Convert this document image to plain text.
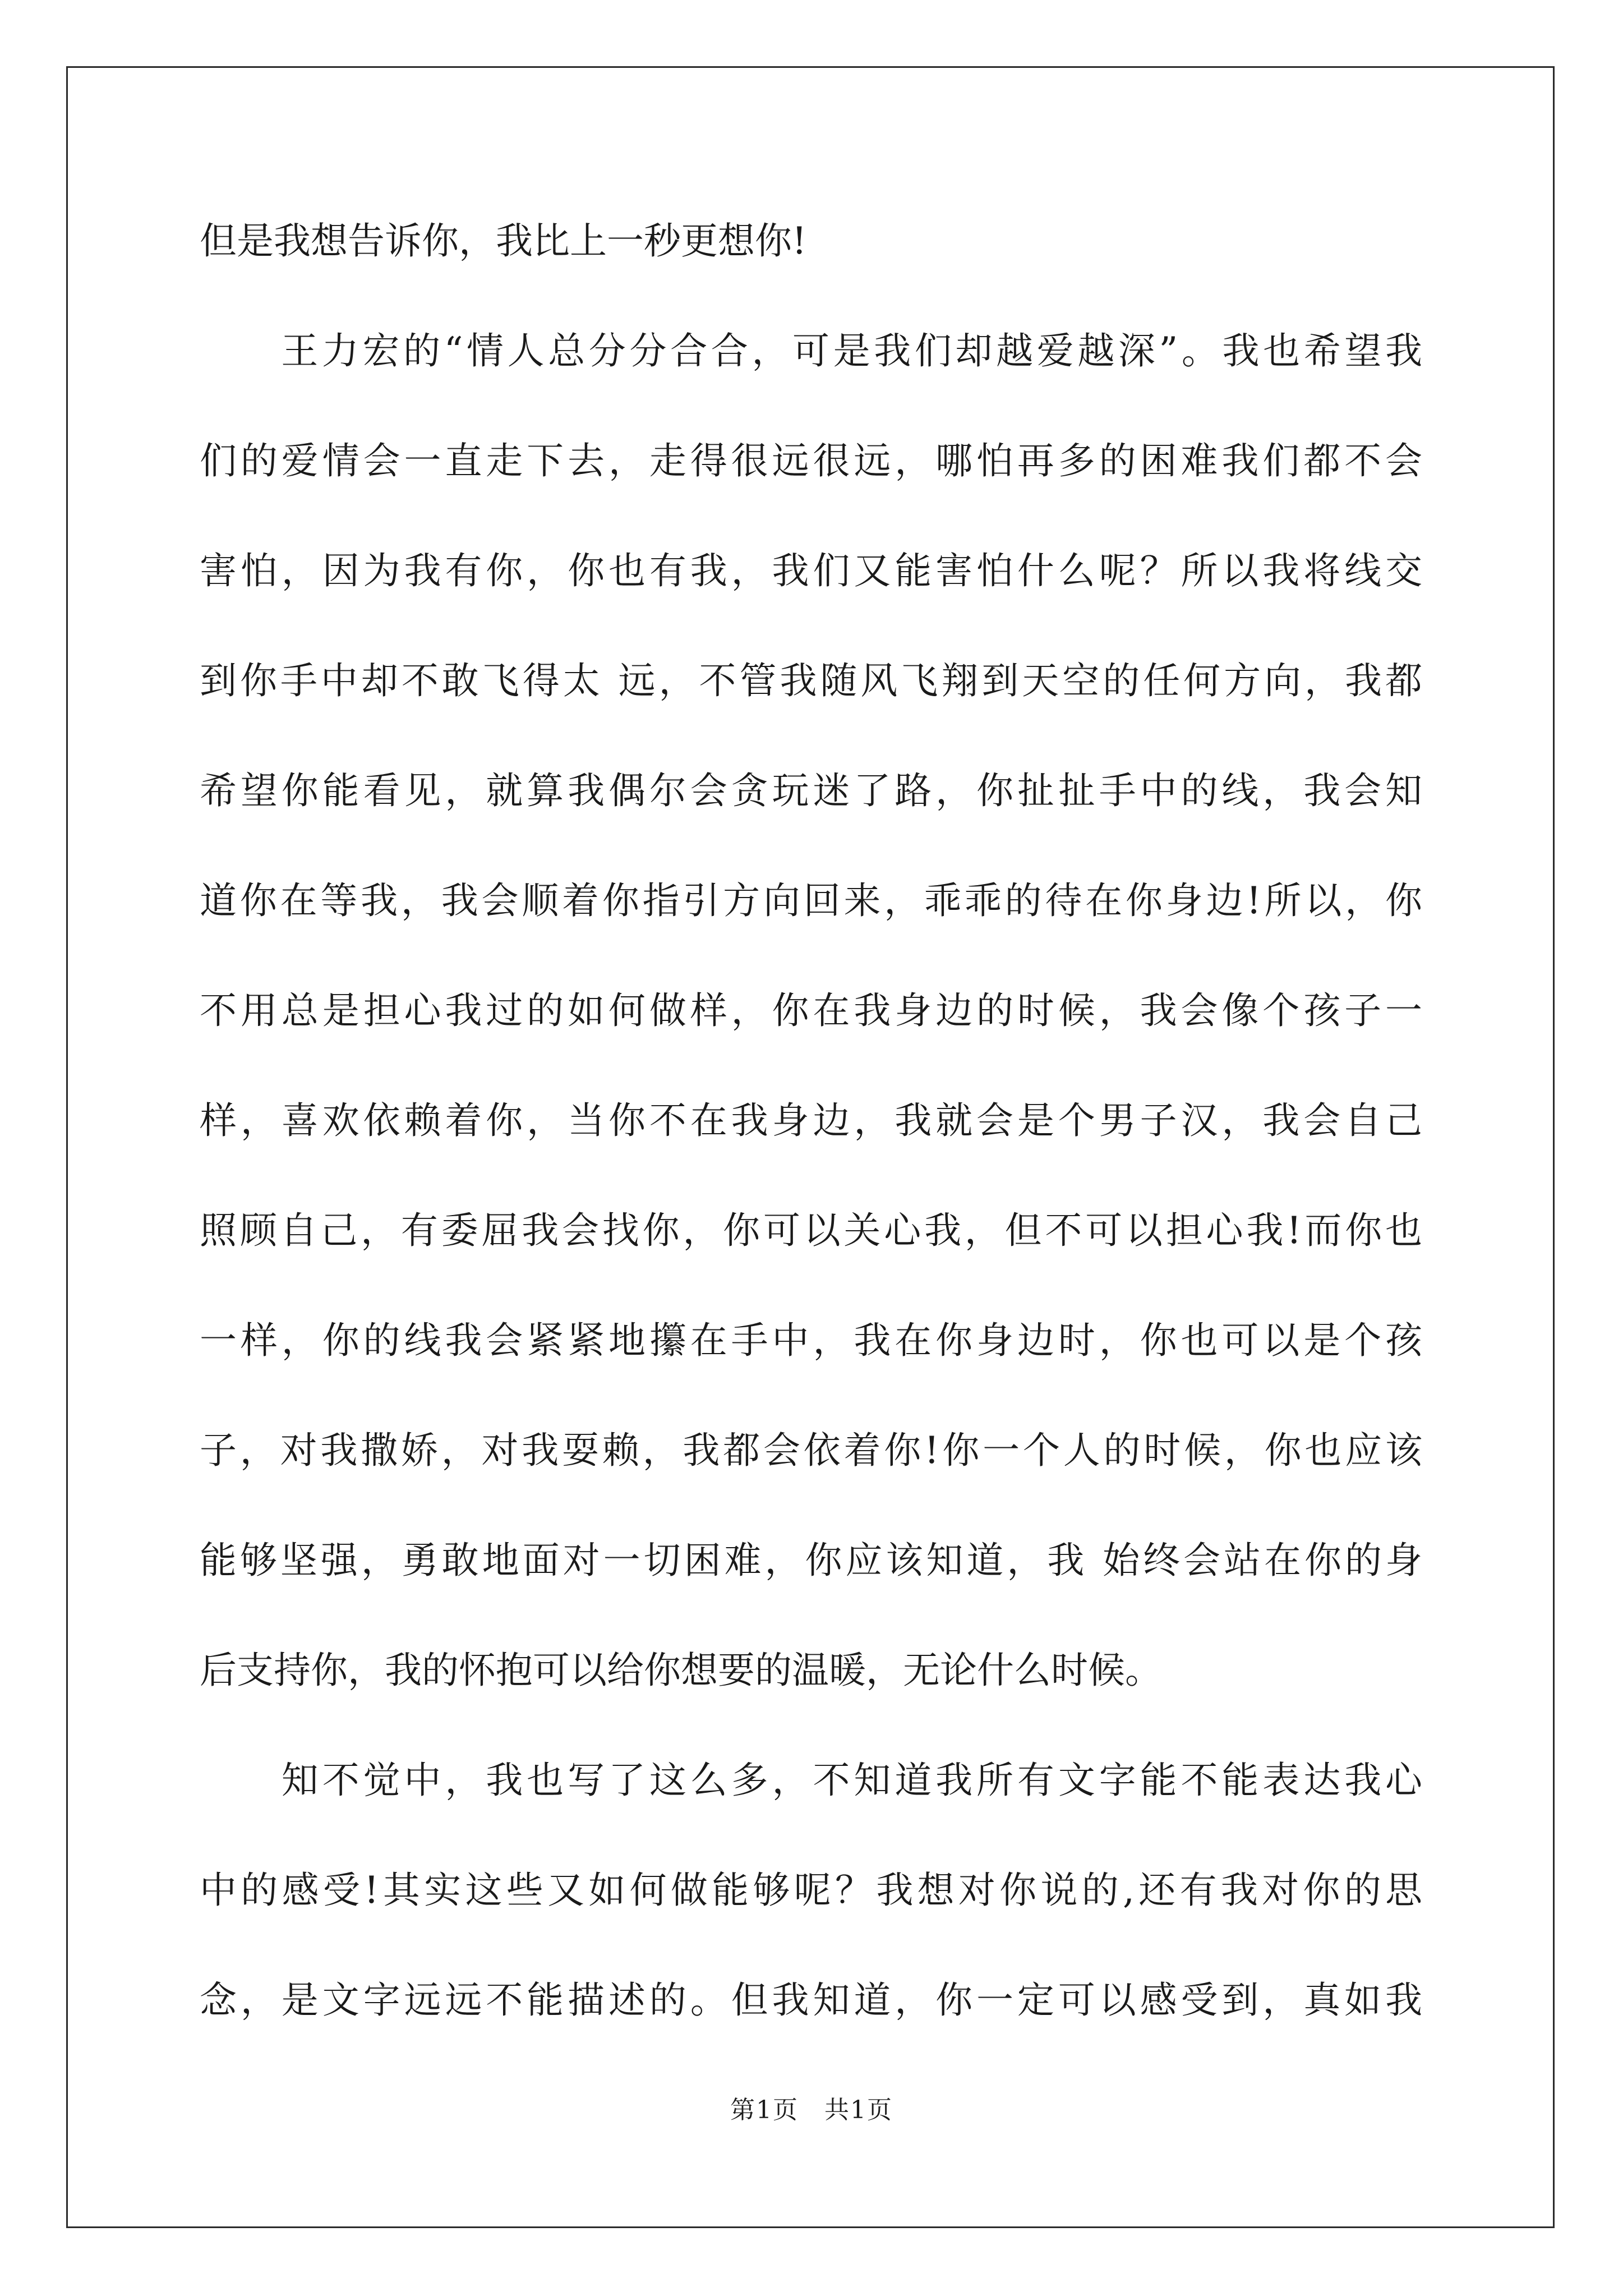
但是我想告诉你，我比上一秒更想你!
　　王力宏的“情人总分分合合，可是我们却越爱越深”。我也希望我
们的爱情会一直走下去，走得很远很远，哪怕再多的困难我们都不会
害怕，因为我有你，你也有我，我们又能害怕什么呢？所以我将线交
到你手中却不敢飞得太 远，不管我随风飞翔到天空的任何方向，我都
希望你能看见，就算我偶尔会贪玩迷了路，你扯扯手中的线，我会知
道你在等我，我会顺着你指引方向回来，乖乖的待在你身边!所以，你
不用总是担心我过的如何做样，你在我身边的时候，我会像个孩子一
样，喜欢依赖着你，当你不在我身边，我就会是个男子汉，我会自己
照顾自己，有委屈我会找你，你可以关心我，但不可以担心我!而你也
一样，你的线我会紧紧地攥在手中，我在你身边时，你也可以是个孩
子，对我撒娇，对我耍赖，我都会依着你!你一个人的时候，你也应该
能够坚强，勇敢地面对一切困难，你应该知道，我 始终会站在你的身
后支持你，我的怀抱可以给你想要的温暖，无论什么时候。
　　知不觉中，我也写了这么多，不知道我所有文字能不能表达我心
中的感受!其实这些又如何做能够呢？我想对你说的,还有我对你的思
念，是文字远远不能描述的。但我知道，你一定可以感受到，真如我
第1页　共1页
